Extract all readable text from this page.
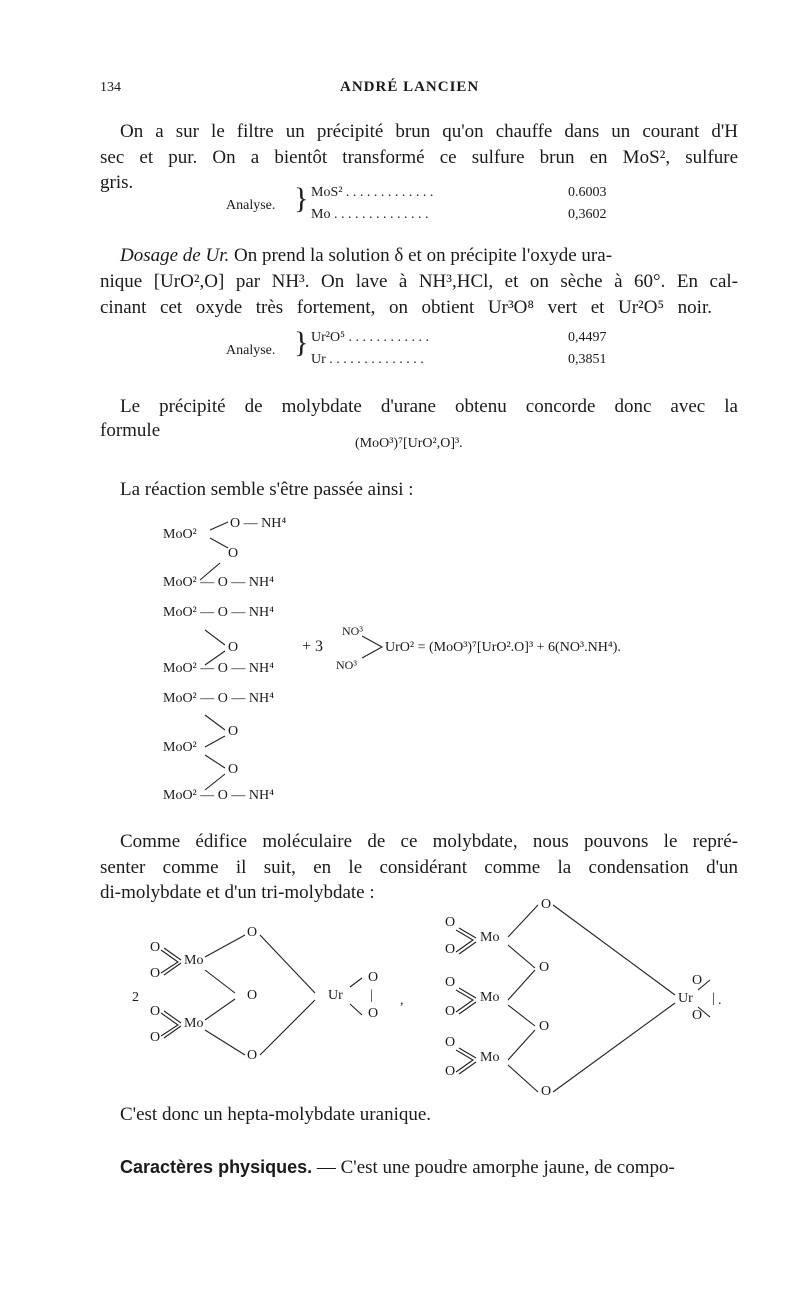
134	ANDRÉ LANCIEN
On a sur le filtre un précipité brun qu'on chauffe dans un courant d'H
sec et pur. On a bientôt transformé ce sulfure brun en MoS², sulfure
gris.
Analyse. } MoS² . . . . . . . . . . . . .	0.6003
Mo . . . . . . . . . . . . . .	0,3602
Dosage de Ur. On prend la solution δ et on précipite l'oxyde ura-
nique [UrO²,O] par NH³. On lave à NH³,HCl, et on sèche à 60°. En cal-
cinant cet oxyde très fortement, on obtient Ur³O⁸ vert et Ur²O⁵ noir.
Analyse. } Ur²O⁵ . . . . . . . . . . . .	0,4497
Ur . . . . . . . . . . . . . .	0,3851
Le précipité de molybdate d'urane obtenu concorde donc avec la
formule
(MoO³)⁷[UrO²,O]³.
La réaction semble s'être passée ainsi :
O — NH⁴
MoO²
O
MoO² — O — NH⁴
MoO² — O — NH⁴
O
MoO² — O — NH⁴
MoO² — O — NH⁴
O
MoO²
O
MoO² — O — NH⁴
+ 3
NO³
NO³
UrO² = (MoO³)⁷[UrO².O]³ + 6(NO³.NH⁴).
Comme édifice moléculaire de ce molybdate, nous pouvons le repré-
senter comme il suit, en le considérant comme la condensation d'un
di-molybdate et d'un tri-molybdate :
2
O
O
Mo
O
O
Mo
O
O
O
Ur
O
|
O
,
O
O
Mo
O
O
Mo
O
O
Mo
O
O
O
O
Ur
O
|
O
.
C'est donc un hepta-molybdate uranique.
Caractères physiques. — C'est une poudre amorphe jaune, de compo-
